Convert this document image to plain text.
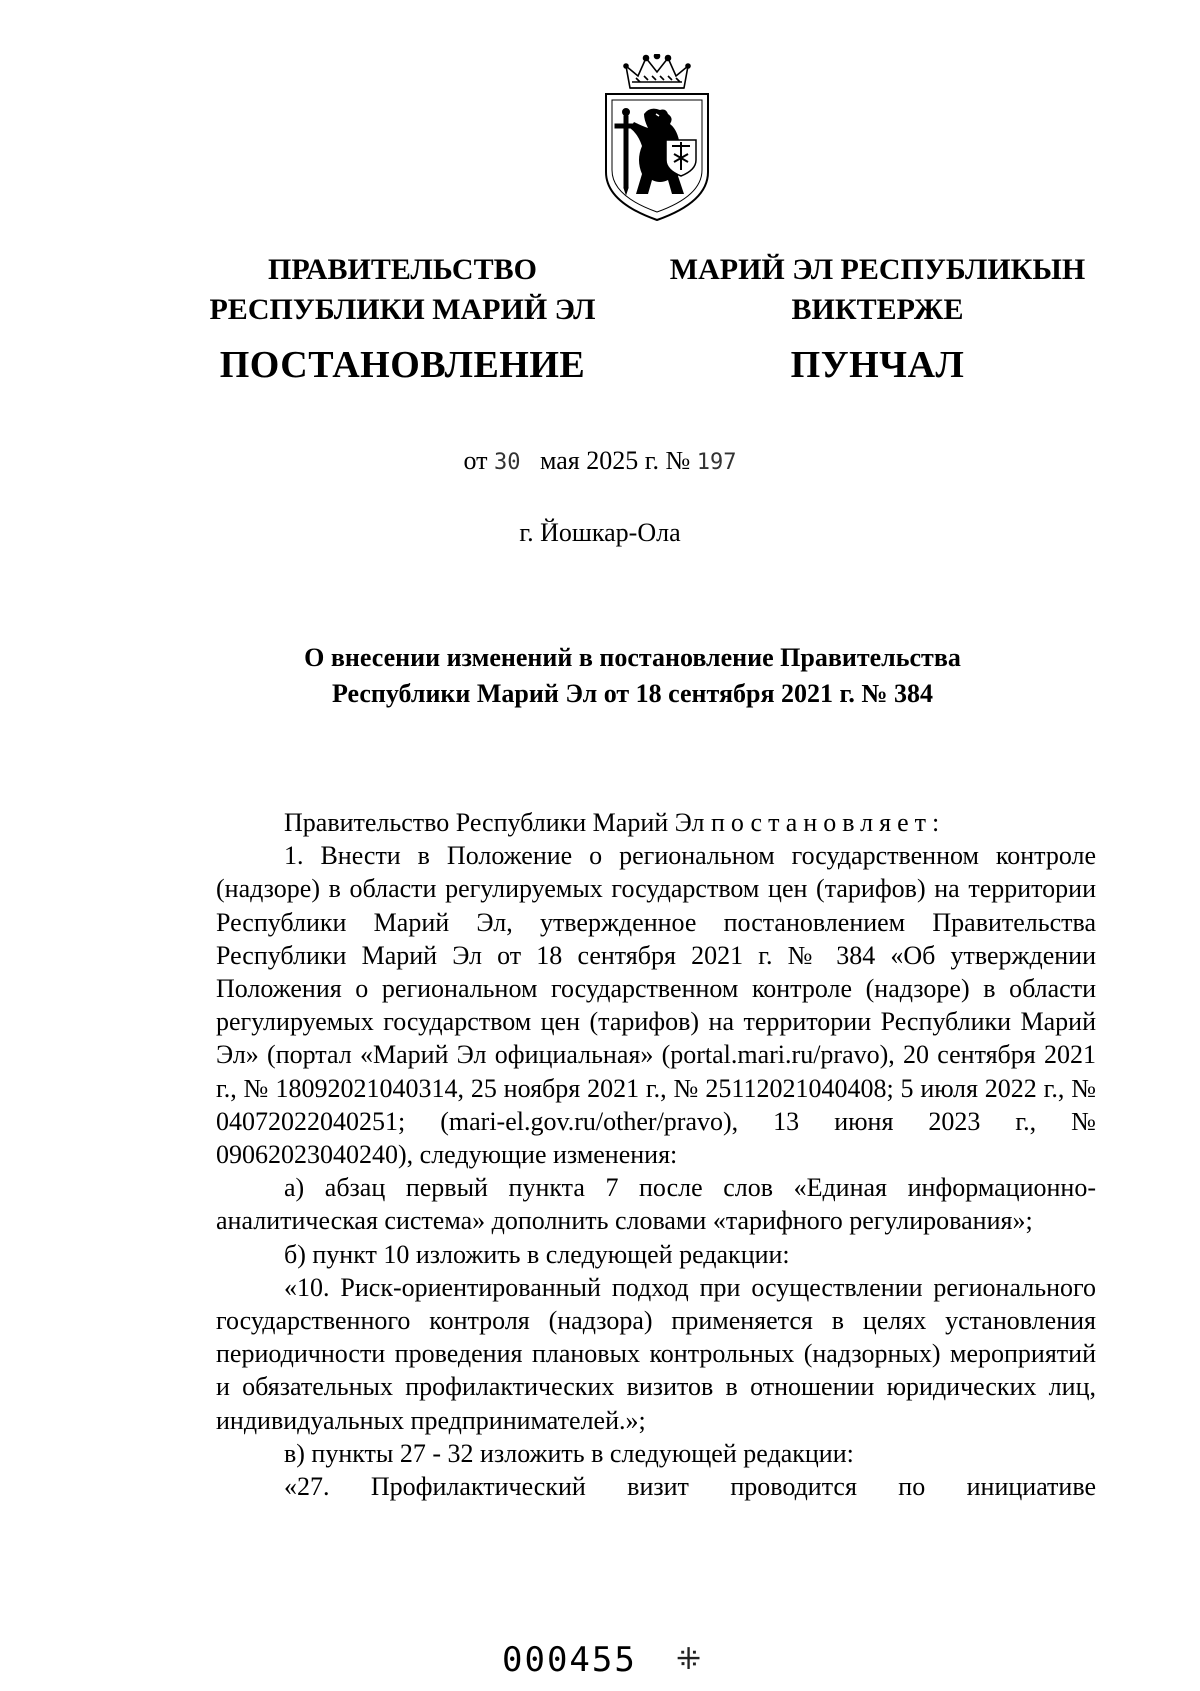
ПРАВИТЕЛЬСТВО
РЕСПУБЛИКИ МАРИЙ ЭЛ
ПОСТАНОВЛЕНИЕ
МАРИЙ ЭЛ РЕСПУБЛИКЫН
ВИКТЕРЖЕ
ПУНЧАЛ
от 30 мая 2025 г. № 197
г. Йошкар-Ола
О внесении изменений в постановление Правительства
Республики Марий Эл от 18 сентября 2021 г. № 384

Правительство Республики Марий Эл постановляет:

1. Внести в Положение о региональном государственном контроле (надзоре) в области регулируемых государством цен (тарифов) на территории Республики Марий Эл, утвержденное постановлением Правительства Республики Марий Эл от 18 сентября 2021 г. № 384 «Об утверждении Положения о региональном государственном контроле (надзоре) в области регулируемых государством цен (тарифов) на территории Республики Марий Эл» (портал «Марий Эл официальная» (portal.mari.ru/pravo), 20 сентября 2021 г., № 18092021040314, 25 ноября 2021 г., № 25112021040408; 5 июля 2022 г., № 04072022040251; (mari-el.gov.ru/other/pravo), 13 июня 2023 г., № 09062023040240), следующие изменения:

а) абзац первый пункта 7 после слов «Единая информационно-аналитическая система» дополнить словами «тарифного регулирования»;

б) пункт 10 изложить в следующей редакции:

«10. Риск-ориентированный подход при осуществлении регионального государственного контроля (надзора) применяется в целях установления периодичности проведения плановых контрольных (надзорных) мероприятий и обязательных профилактических визитов в отношении юридических лиц, индивидуальных предпринимателей.»;

в) пункты 27 - 32 изложить в следующей редакции:

«27. Профилактический визит проводится по инициативе

000455 ⁜
